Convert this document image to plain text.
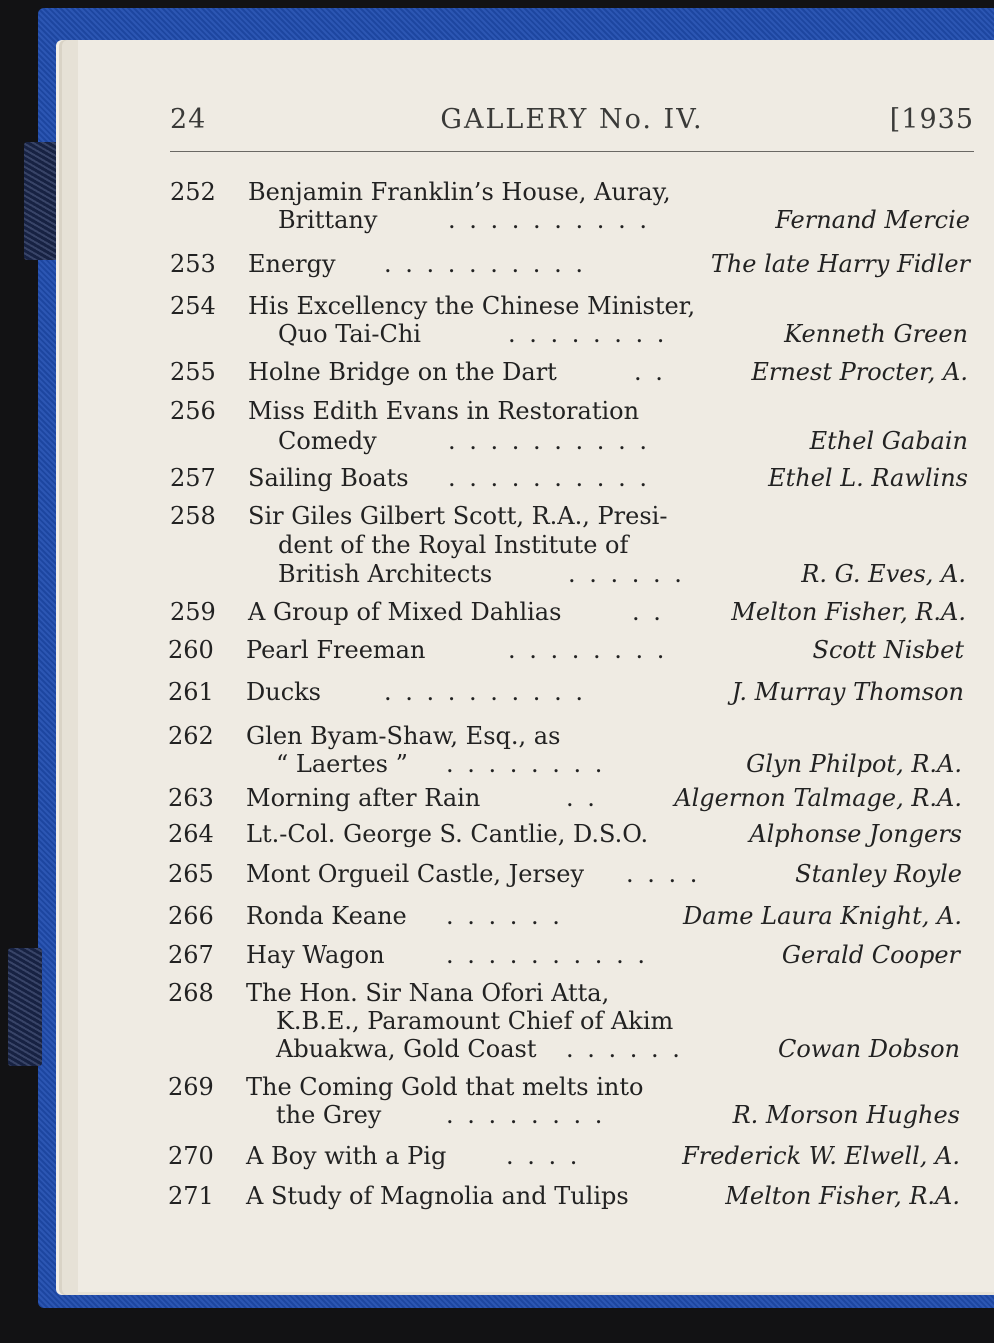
24	GALLERY No. IV.	[1935
252	Benjamin Franklin’s House, Auray,
Brittany	. . . . . . . . . .	Fernand Mercie
253	Energy . . . . . . . . . .	The late Harry Fidler
254	His Excellency the Chinese Minister,
Quo Tai-Chi	. . . . . . . .	Kenneth Green
255	Holne Bridge on the Dart	. .	Ernest Procter, A.
256	Miss Edith Evans in Restoration
Comedy	. . . . . . . . . .	Ethel Gabain
257	Sailing Boats . . . . . . . . . .	Ethel L. Rawlins
258	Sir Giles Gilbert Scott, R.A., Presi-
dent of the Royal Institute of
British Architects	. . . . . .	R. G. Eves, A.
259	A Group of Mixed Dahlias	. .	Melton Fisher, R.A.
260	Pearl Freeman	. . . . . . . .	Scott Nisbet
261	Ducks	. . . . . . . . . .	J. Murray Thomson
262	Glen Byam-Shaw, Esq., as
“ Laertes ” . . . . . . . .	Glyn Philpot, R.A.
263	Morning after Rain	. .	Algernon Talmage, R.A.
264	Lt.-Col. George S. Cantlie, D.S.O.	Alphonse Jongers
265	Mont Orgueil Castle, Jersey . . . .	Stanley Royle
266	Ronda Keane . . . . . .	Dame Laura Knight, A.
267	Hay Wagon	. . . . . . . . . .	Gerald Cooper
268	The Hon. Sir Nana Ofori Atta,
K.B.E., Paramount Chief of Akim
Abuakwa, Gold Coast . . . . . .	Cowan Dobson
269	The Coming Gold that melts into
the Grey	. . . . . . . .	R. Morson Hughes
270	A Boy with a Pig . . . .	Frederick W. Elwell, A.
271	A Study of Magnolia and Tulips	Melton Fisher, R.A.
